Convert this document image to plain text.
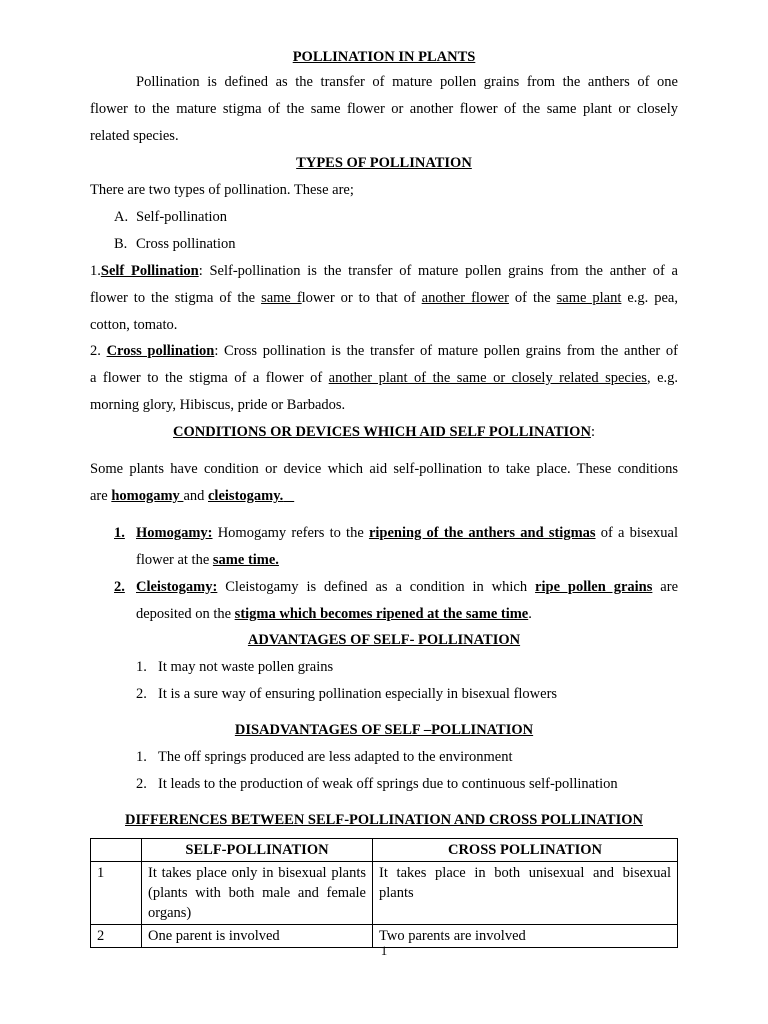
POLLINATION IN PLANTS
Pollination is defined as the transfer of mature pollen grains from the anthers of one
flower to the mature stigma of the same flower or another flower of the same plant or closely
related species.
TYPES OF POLLINATION
There are two types of pollination. These are;
A. Self-pollination
B. Cross pollination
1.Self Pollination: Self-pollination is the transfer of mature pollen grains from the anther of a
flower to the stigma of the same flower or to that of another flower of the same plant e.g. pea,
cotton, tomato.
2. Cross pollination: Cross pollination is the transfer of mature pollen grains from the anther of
a flower to the stigma of a flower of another plant of the same or closely related species, e.g.
morning glory, Hibiscus, pride or Barbados.
CONDITIONS OR DEVICES WHICH AID SELF POLLINATION:
Some plants have condition or device which aid self-pollination to take place. These conditions
are homogamy and cleistogamy.
1. Homogamy: Homogamy refers to the ripening of the anthers and stigmas of a bisexual
flower at the same time.
2. Cleistogamy: Cleistogamy is defined as a condition in which ripe pollen grains are
deposited on the stigma which becomes ripened at the same time.
ADVANTAGES OF SELF- POLLINATION
1. It may not waste pollen grains
2. It is a sure way of ensuring pollination especially in bisexual flowers
DISADVANTAGES OF SELF –POLLINATION
1. The off springs produced are less adapted to the environment
2. It leads to the production of weak off springs due to continuous self-pollination
DIFFERENCES BETWEEN SELF-POLLINATION AND CROSS POLLINATION
	SELF-POLLINATION	CROSS POLLINATION
1	It takes place only in bisexual plants (plants with both male and female organs)	It takes place in both unisexual and bisexual plants
2	One parent is involved	Two parents are involved
1
